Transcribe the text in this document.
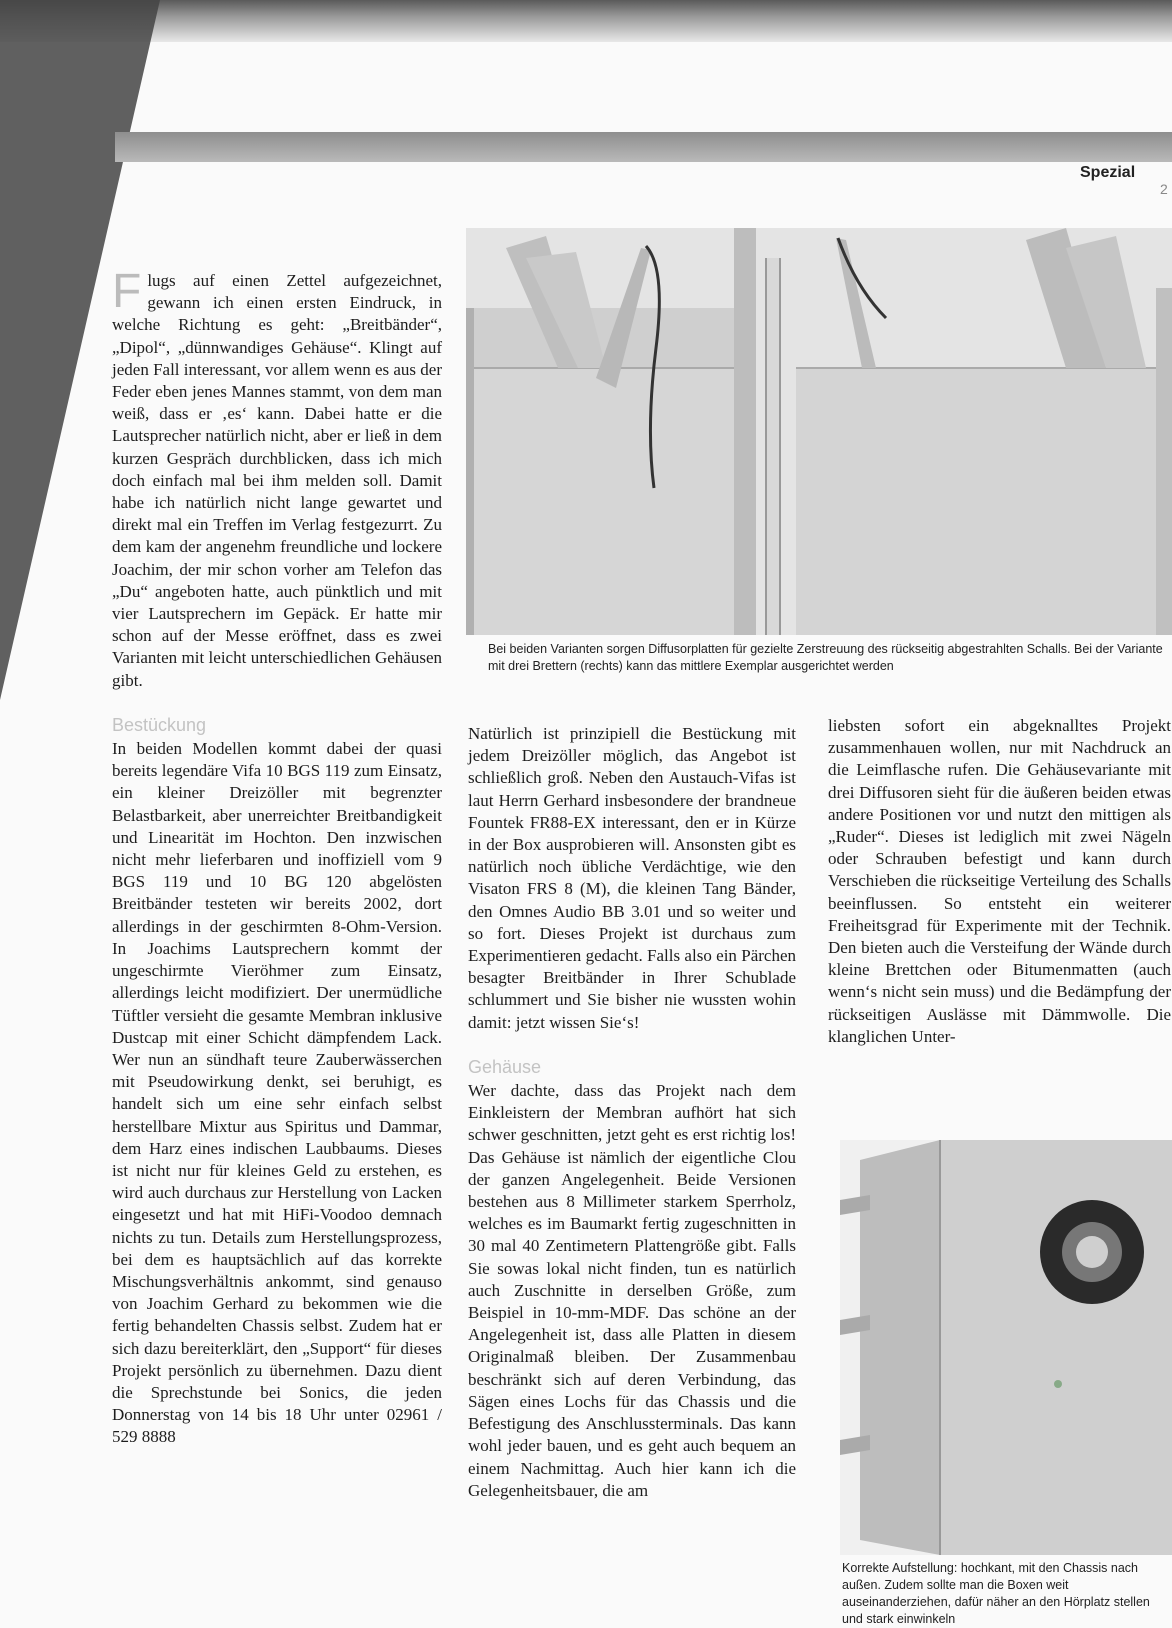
Spezial
2
Bei beiden Varianten sorgen Diffusorplatten für gezielte Zerstreuung des rückseitig abgestrahlten Schalls. Bei der Variante mit drei Brettern (rechts) kann das mittlere Exemplar ausgerichtet werden

Flugs auf einen Zettel aufgezeichnet, gewann ich einen ersten Eindruck, in welche Richtung es geht: „Breitbänder“, „Dipol“, „dünnwandiges Gehäuse“. Klingt auf jeden Fall interessant, vor allem wenn es aus der Feder eben jenes Mannes stammt, von dem man weiß, dass er ‚es‘ kann. Dabei hatte er die Lautsprecher natürlich nicht, aber er ließ in dem kurzen Gespräch durchblicken, dass ich mich doch einfach mal bei ihm melden soll. Damit habe ich natürlich nicht lange gewartet und direkt mal ein Treffen im Verlag festgezurrt. Zu dem kam der angenehm freundliche und lockere Joachim, der mir schon vorher am Telefon das „Du“ angeboten hatte, auch pünktlich und mit vier Lautsprechern im Gepäck. Er hatte mir schon auf der Messe eröffnet, dass es zwei Varianten mit leicht unterschiedlichen Gehäusen gibt.

Bestückung

In beiden Modellen kommt dabei der quasi bereits legendäre Vifa 10 BGS 119 zum Einsatz, ein kleiner Dreizöller mit begrenzter Belastbarkeit, aber unerreichter Breitbandigkeit und Linearität im Hochton. Den inzwischen nicht mehr lieferbaren und inoffiziell vom 9 BGS 119 und 10 BG 120 abgelösten Breitbänder testeten wir bereits 2002, dort allerdings in der geschirmten 8-Ohm-Version. In Joachims Lautsprechern kommt der ungeschirmte Vieröhmer zum Einsatz, allerdings leicht modifiziert. Der unermüdliche Tüftler versieht die gesamte Membran inklusive Dustcap mit einer Schicht dämpfendem Lack. Wer nun an sündhaft teure Zauberwässerchen mit Pseudowirkung denkt, sei beruhigt, es handelt sich um eine sehr einfach selbst herstellbare Mixtur aus Spiritus und Dammar, dem Harz eines indischen Laubbaums. Dieses ist nicht nur für kleines Geld zu erstehen, es wird auch durchaus zur Herstellung von Lacken eingesetzt und hat mit HiFi-Voodoo demnach nichts zu tun. Details zum Herstellungsprozess, bei dem es hauptsächlich auf das korrekte Mischungsverhältnis ankommt, sind genauso von Joachim Gerhard zu bekommen wie die fertig behandelten Chassis selbst. Zudem hat er sich dazu bereiterklärt, den „Support“ für dieses Projekt persönlich zu übernehmen. Dazu dient die Sprechstunde bei Sonics, die jeden Donnerstag von 14 bis 18 Uhr unter 02961 / 529 8888

Natürlich ist prinzipiell die Bestückung mit jedem Dreizöller möglich, das Angebot ist schließlich groß. Neben den Austauch-Vifas ist laut Herrn Gerhard insbesondere der brandneue Fountek FR88-EX interessant, den er in Kürze in der Box ausprobieren will. Ansonsten gibt es natürlich noch übliche Verdächtige, wie den Visaton FRS 8 (M), die kleinen Tang Bänder, den Omnes Audio BB 3.01 und so weiter und so fort. Dieses Projekt ist durchaus zum Experimentieren gedacht. Falls also ein Pärchen besagter Breitbänder in Ihrer Schublade schlummert und Sie bisher nie wussten wohin damit: jetzt wissen Sie‘s!

Gehäuse

Wer dachte, dass das Projekt nach dem Einkleistern der Membran aufhört hat sich schwer geschnitten, jetzt geht es erst richtig los! Das Gehäuse ist nämlich der eigentliche Clou der ganzen Angelegenheit. Beide Versionen bestehen aus 8 Millimeter starkem Sperrholz, welches es im Baumarkt fertig zugeschnitten in 30 mal 40 Zentimetern Plattengröße gibt. Falls Sie sowas lokal nicht finden, tun es natürlich auch Zuschnitte in derselben Größe, zum Beispiel in 10-mm-MDF. Das schöne an der Angelegenheit ist, dass alle Platten in diesem Originalmaß bleiben. Der Zusammenbau beschränkt sich auf deren Verbindung, das Sägen eines Lochs für das Chassis und die Befestigung des Anschlussterminals. Das kann wohl jeder bauen, und es geht auch bequem an einem Nachmittag. Auch hier kann ich die Gelegenheitsbauer, die am

liebsten sofort ein abgeknalltes Projekt zusammenhauen wollen, nur mit Nachdruck an die Leimflasche rufen. Die Gehäusevariante mit drei Diffusoren sieht für die äußeren beiden etwas andere Positionen vor und nutzt den mittigen als „Ruder“. Dieses ist lediglich mit zwei Nägeln oder Schrauben befestigt und kann durch Verschieben die rückseitige Verteilung des Schalls beeinflussen. So entsteht ein weiterer Freiheitsgrad für Experimente mit der Technik. Den bieten auch die Versteifung der Wände durch kleine Brettchen oder Bitumenmatten (auch wenn‘s nicht sein muss) und die Bedämpfung der rückseitigen Auslässe mit Dämmwolle. Die klanglichen Unter-

Korrekte Aufstellung: hochkant, mit den Chassis nach außen. Zudem sollte man die Boxen weit auseinanderziehen, dafür näher an den Hörplatz stellen und stark einwinkeln
